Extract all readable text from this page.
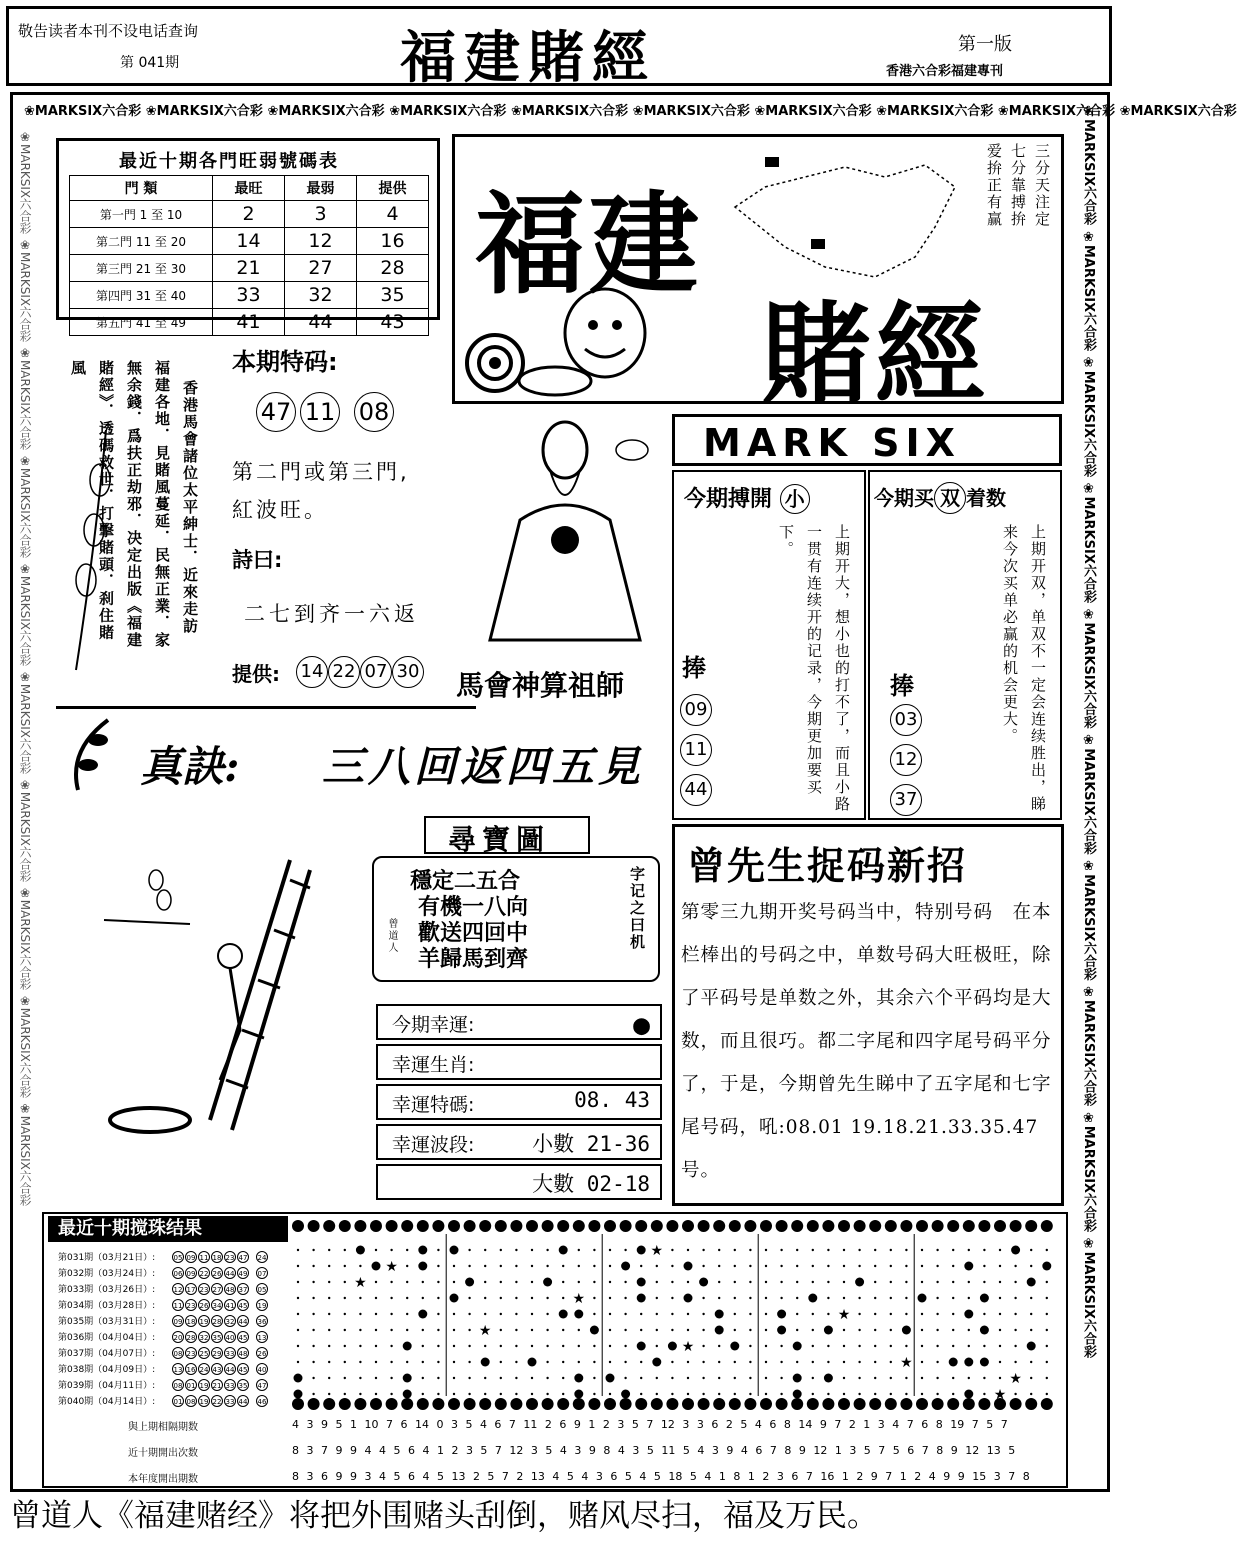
敬告读者本刊不设电话查询
第 041期	福建賭經	第一版
香港六合彩福建專刊
❀MARKSIX六合彩 ❀MARKSIX六合彩 ❀MARKSIX六合彩 ❀MARKSIX六合彩 ❀MARKSIX六合彩 ❀MARKSIX六合彩 ❀MARKSIX六合彩 ❀MARKSIX六合彩 ❀MARKSIX六合彩 ❀MARKSIX六合彩
❀MARKSIX六合彩 ❀MARKSIX六合彩 ❀MARKSIX六合彩 ❀MARKSIX六合彩 ❀MARKSIX六合彩 ❀MARKSIX六合彩 ❀MARKSIX六合彩 ❀MARKSIX六合彩 ❀MARKSIX六合彩 ❀MARKSIX六合彩
❀MARKSIX六合彩 ❀MARKSIX六合彩 ❀MARKSIX六合彩 ❀MARKSIX六合彩 ❀MARKSIX六合彩 ❀MARKSIX六合彩 ❀MARKSIX六合彩 ❀MARKSIX六合彩 ❀MARKSIX六合彩 ❀MARKSIX六合彩
最近十期各門旺弱號碼表
門 類	最旺	最弱	提供
第一門 1 至 10	2	3	4
第二門 11 至 20	14	12	16
第三門 21 至 30	21	27	28
第四門 31 至 40	33	32	35
第五門 41 至 49	41	44	43
福建
賭經
三分天注定
七分靠搏拚
爱拚正有赢
香港馬會諸位太平紳士．近來走訪
福建各地．見賭風蔓延．民無正業．家
無余錢．爲扶正劫邪．决定出版《福建
賭經》．透碼救世．打擊賭頭．刹住賭
風	本期特码:
47 11 08
第二門或第三門,
紅波旺。
詩曰:
二七到齐一六返
提供: 14 22 07 30 馬會神算祖師
真訣: 三八回返四五見
MARK SIX
今期搏開 小
上期开大，想小也的打不了，而且小路一贯有连续开的记录，今期更加要买下。
捧
09 11 44
今期买 双 着数
上期开双，单双不一定会连续胜出，睇来今次买单必赢的机会更大。
捧
03 12 37
尋寶圖
穩定二五合
有機一八向
歡送四回中
羊歸馬到齊
字记之曰机
曾道人
今期幸運:	●
幸運生肖:
幸運特碼:	08. 43
幸運波段:	小數 21-36
大數 02-18
曾先生捉码新招
第零三九期开奖号码当中，特别号码　在本栏棒出的号码之中，单数号码大旺极旺，除了平码号是单数之外，其余六个平码均是大数，而且很巧。都二字尾和四字尾号码平分了，于是，今期曾先生睇中了五字尾和七字尾号码，吼:08.01 19.18.21.33.35.47号。
最近十期搅珠结果
第031期（03月21日）:	05 09 11 18 23 47 24
第032期（03月24日）:	06 09 22 26 44 49 07
第033期（03月26日）:	12 17 23 27 48 37 05
第034期（03月28日）:	11 23 26 34 41 45 19
第035期（03月31日）:	09 18 19 28 32 44 36
第036期（04月04日）:	20 28 32 35 40 45 13
第037期（04月07日）:	08 23 25 29 33 48 26
第038期（04月09日）:	13 16 24 43 44 45 40
第039期（04月11日）:	08 01 19 21 33 35 47
第040期（04月14日）:	01 08 19 22 33 44 46
★
★
★
★
★
★
★
★
★
★
與上期相隔期数	4 3 9 5 1 10 7 6 14 0 3 5 4 6 7 11 2 6 9 1 2 3 5 7 12 3 3 6 2 5 4 6 8 14 9 7 2 1 3 4 7 6 8 19 7 5 7
近十期開出次数	8 3 7 9 9 4 4 5 6 4 1 2 3 5 7 12 3 5 4 3 9 8 4 3 5 11 5 4 3 9 4 6 7 8 9 12 1 3 5 7 5 6 7 8 9 12 13 5
本年度開出期数	8 3 6 9 9 3 4 5 6 4 5 13 2 5 7 2 13 4 5 4 3 6 5 4 5 18 5 4 1 8 1 2 3 6 7 16 1 2 9 7 1 2 4 9 9 15 3 7 8
曾道人《福建赌经》将把外围赌头刮倒，赌风尽扫，福及万民。
